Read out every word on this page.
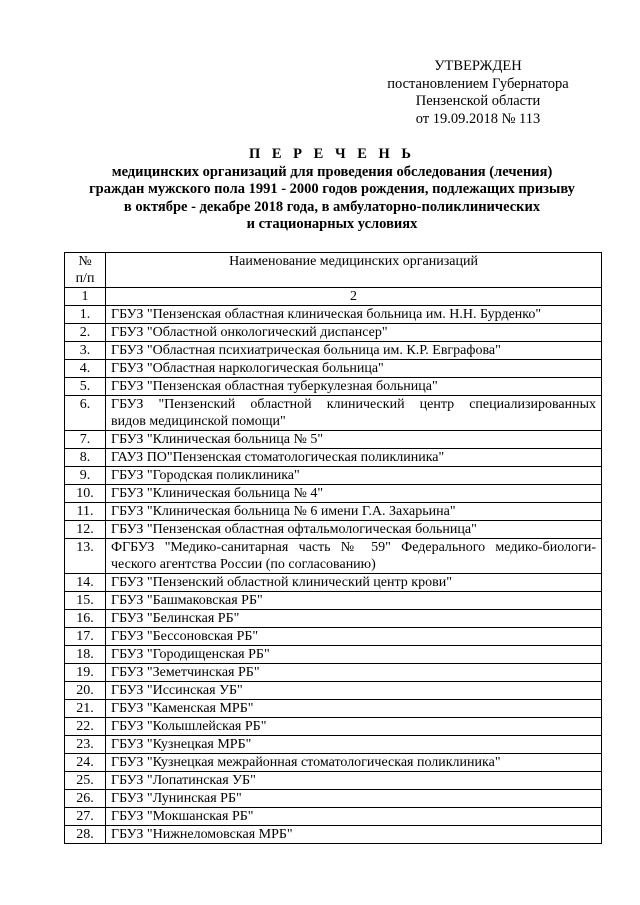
УТВЕРЖДЕН
постановлением Губернатора
Пензенской области
от 19.09.2018 № 113
П Е Р Е Ч Е Н Ь
медицинских организаций для проведения обследования (лечения)
граждан мужского пола 1991 - 2000 годов рождения, подлежащих призыву
в октябре - декабре 2018 года, в амбулаторно-поликлинических
и стационарных условиях
№
п/п	Наименование медицинских организаций
1	2
1.	ГБУЗ "Пензенская областная клиническая больница им. Н.Н. Бурденко"

2.	ГБУЗ "Областной онкологический диспансер"

3.	ГБУЗ "Областная психиатрическая больница им. К.Р. Евграфова"

4.	ГБУЗ "Областная наркологическая больница"

5.	ГБУЗ "Пензенская областная туберкулезная больница"

6.	ГБУЗ "Пензенский областной клинический центр специализированных
видов медицинской помощи"

7.	ГБУЗ "Клиническая больница № 5"

8.	ГАУЗ ПО"Пензенская стоматологическая поликлиника"

9.	ГБУЗ "Городская поликлиника"

10.	ГБУЗ "Клиническая больница № 4"

11.	ГБУЗ "Клиническая больница № 6 имени Г.А. Захарьина"

12.	ГБУЗ "Пензенская областная офтальмологическая больница"

13.	ФГБУЗ "Медико-санитарная часть № 59" Федерального медико-биологи-
ческого агентства России (по согласованию)

14.	ГБУЗ "Пензенский областной клинический центр крови"

15.	ГБУЗ "Башмаковская РБ"

16.	ГБУЗ "Белинская РБ"

17.	ГБУЗ "Бессоновская РБ"

18.	ГБУЗ "Городищенская РБ"

19.	ГБУЗ "Земетчинская РБ"

20.	ГБУЗ "Иссинская УБ"

21.	ГБУЗ "Каменская МРБ"

22.	ГБУЗ "Колышлейская РБ"

23.	ГБУЗ "Кузнецкая МРБ"

24.	ГБУЗ "Кузнецкая межрайонная стоматологическая поликлиника"

25.	ГБУЗ "Лопатинская УБ"

26.	ГБУЗ "Лунинская РБ"

27.	ГБУЗ "Мокшанская РБ"

28.	ГБУЗ "Нижнеломовская МРБ"
